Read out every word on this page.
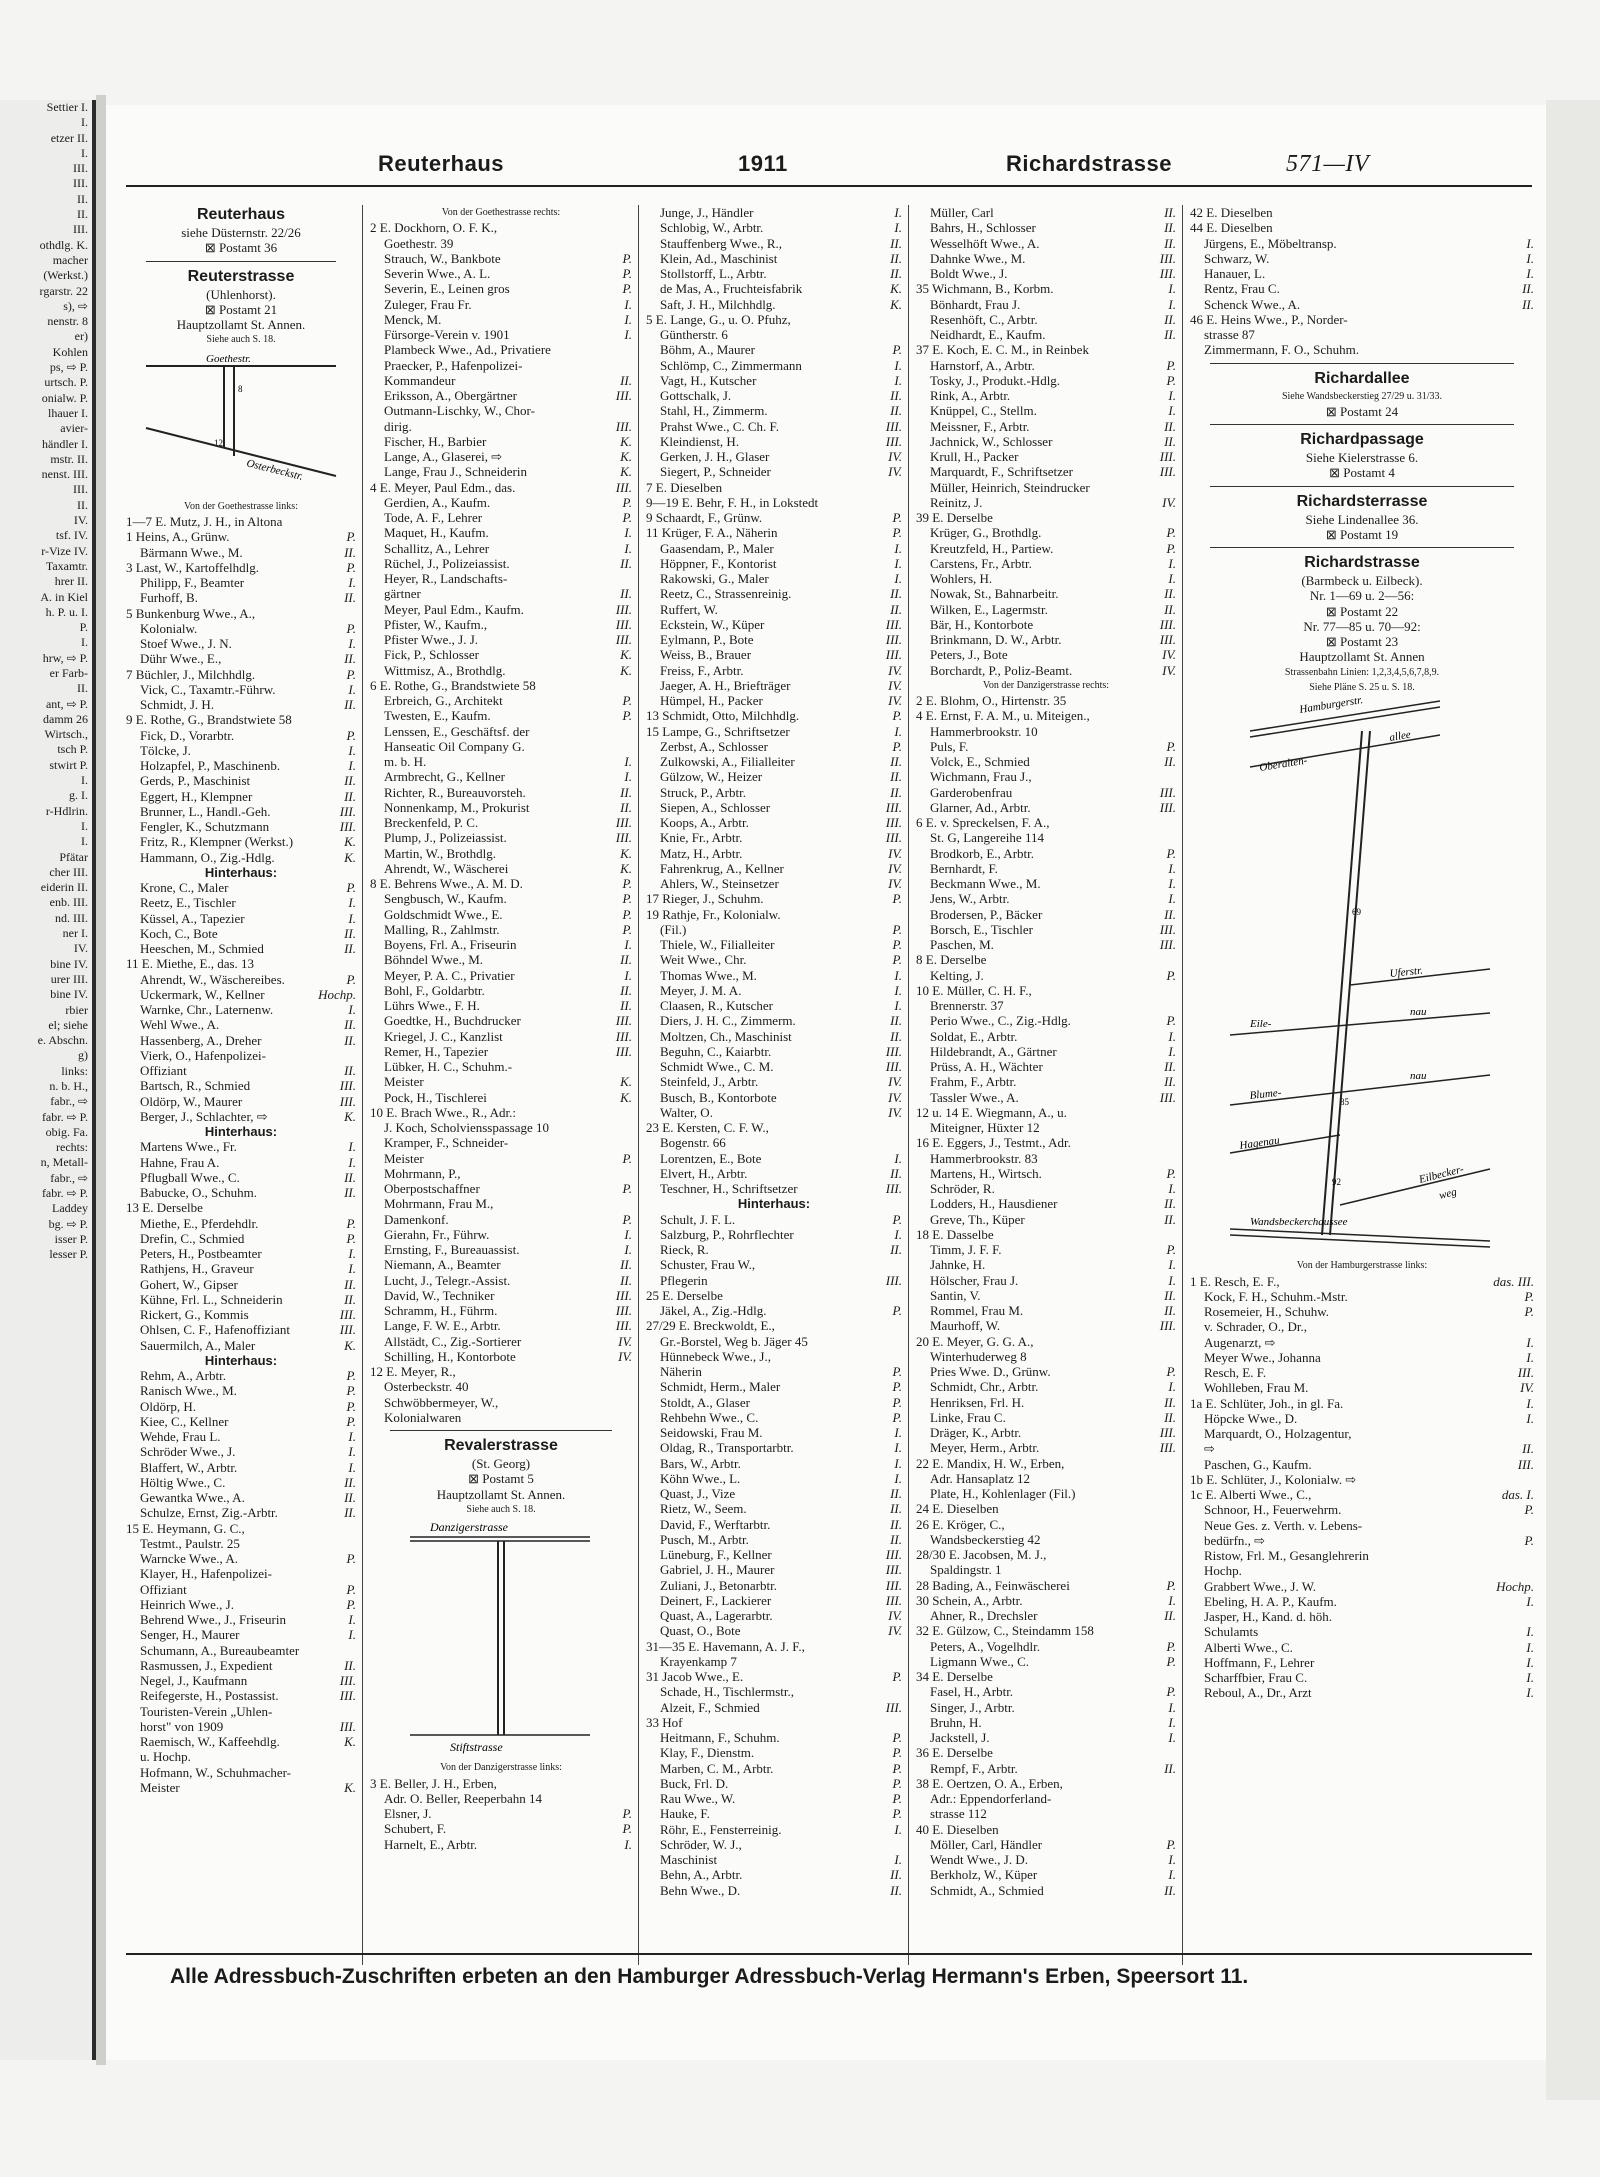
Settier I.
I.
etzer II.
I.
III.
III.
II.
II.
III.
othdlg. K.
macher
(Werkst.)
rgarstr. 22
s), ⇨
nenstr. 8
er)
Kohlen
ps, ⇨ P.
urtsch. P.
onialw. P.
lhauer I.
avier-
händler I.
mstr. II.
nenst. III.
III.
II.
IV.
tsf. IV.
r-Vize IV.
Taxamtr.
hrer II.
A. in Kiel
h. P. u. I.
P.
I.
hrw, ⇨ P.
er Farb-
II.
ant, ⇨ P.
damm 26
Wirtsch.,
tsch P.
stwirt P.
I.
g. I.
r-Hdlrin.
I.
I.
Pfätar
cher III.
eiderin II.
enb. III.
nd. III.
ner I.
IV.
bine IV.
urer III.
bine IV.
rbier
el; siehe
e. Abschn.
g)
links:
n. b. H.,
fabr., ⇨
fabr. ⇨ P.
obig. Fa.
rechts:
n, Metall-
fabr., ⇨
fabr. ⇨ P.
Laddey
bg. ⇨ P.
isser P.
lesser P.
Reuterhaus	1911	Richardstrasse	571—IV
Reuterhaus
siehe Düsternstr. 22/26
⊠ Postamt 36
Reuterstrasse
(Uhlenhorst).
⊠ Postamt 21
Hauptzollamt St. Annen.
Siehe auch S. 18.
Goethestr.
8
12
Osterbeckstr.
Von der Goethestrasse links:
1—7 E. Mutz, J. H., in Altona
1 Heins, A., Grünw.	P.
Bärmann Wwe., M.	II.
3 Last, W., Kartoffelhdlg.	P.
Philipp, F., Beamter	I.
Furhoff, B.	II.
5 Bunkenburg Wwe., A.,
Kolonialw.	P.
Stoef Wwe., J. N.	I.
Dühr Wwe., E.,	II.
7 Büchler, J., Milchhdlg.	P.
Vick, C., Taxamtr.-Führw.	I.
Schmidt, J. H.	II.
9 E. Rothe, G., Brandstwiete 58
Fick, D., Vorarbtr.	P.
Tölcke, J.	I.
Holzapfel, P., Maschinenb.	I.
Gerds, P., Maschinist	II.
Eggert, H., Klempner	II.
Brunner, L., Handl.-Geh.	III.
Fengler, K., Schutzmann	III.
Fritz, R., Klempner (Werkst.)	K.
Hammann, O., Zig.-Hdlg.	K.
Hinterhaus:
Krone, C., Maler	P.
Reetz, E., Tischler	I.
Küssel, A., Tapezier	I.
Koch, C., Bote	II.
Heeschen, M., Schmied	II.
11 E. Miethe, E., das. 13
Ahrendt, W., Wäschereibes.	P.
Uckermark, W., Kellner	Hochp.
Warnke, Chr., Laternenw.	I.
Wehl Wwe., A.	II.
Hassenberg, A., Dreher	II.
Vierk, O., Hafenpolizei-
Offiziant	II.
Bartsch, R., Schmied	III.
Oldörp, W., Maurer	III.
Berger, J., Schlachter, ⇨	K.
Hinterhaus:
Martens Wwe., Fr.	I.
Hahne, Frau A.	I.
Pflugball Wwe., C.	II.
Babucke, O., Schuhm.	II.
13 E. Derselbe
Miethe, E., Pferdehdlr.	P.
Drefin, C., Schmied	P.
Peters, H., Postbeamter	I.
Rathjens, H., Graveur	I.
Gohert, W., Gipser	II.
Kühne, Frl. L., Schneiderin	II.
Rickert, G., Kommis	III.
Ohlsen, C. F., Hafenoffiziant	III.
Sauermilch, A., Maler	K.
Hinterhaus:
Rehm, A., Arbtr.	P.
Ranisch Wwe., M.	P.
Oldörp, H.	P.
Kiee, C., Kellner	P.
Wehde, Frau L.	I.
Schröder Wwe., J.	I.
Blaffert, W., Arbtr.	I.
Höltig Wwe., C.	II.
Gewantka Wwe., A.	II.
Schulze, Ernst, Zig.-Arbtr.	II.
15 E. Heymann, G. C.,
Testmt., Paulstr. 25
Warncke Wwe., A.	P.
Klayer, H., Hafenpolizei-
Offiziant	P.
Heinrich Wwe., J.	P.
Behrend Wwe., J., Friseurin	I.
Senger, H., Maurer	I.
Schumann, A., Bureaubeamter
Rasmussen, J., Expedient	II.
Negel, J., Kaufmann	III.
Reifegerste, H., Postassist.	III.
Touristen-Verein „Uhlen-
horst" von 1909	III.
Raemisch, W., Kaffeehdlg.	K.
u. Hochp.
Hofmann, W., Schuhmacher-
Meister	K.
Von der Goethestrasse rechts:
2 E. Dockhorn, O. F. K.,
Goethestr. 39
Strauch, W., Bankbote	P.
Severin Wwe., A. L.	P.
Severin, E., Leinen gros	P.
Zuleger, Frau Fr.	I.
Menck, M.	I.
Fürsorge-Verein v. 1901	I.
Plambeck Wwe., Ad., Privatiere
Praecker, P., Hafenpolizei-
Kommandeur	II.
Eriksson, A., Obergärtner	III.
Outmann-Lischky, W., Chor-
dirig.	III.
Fischer, H., Barbier	K.
Lange, A., Glaserei, ⇨	K.
Lange, Frau J., Schneiderin	K.
4 E. Meyer, Paul Edm., das.	III.
Gerdien, A., Kaufm.	P.
Tode, A. F., Lehrer	P.
Maquet, H., Kaufm.	I.
Schallitz, A., Lehrer	I.
Rüchel, J., Polizeiassist.	II.
Heyer, R., Landschafts-
gärtner	II.
Meyer, Paul Edm., Kaufm.	III.
Pfister, W., Kaufm.,	III.
Pfister Wwe., J. J.	III.
Fick, P., Schlosser	K.
Wittmisz, A., Brothdlg.	K.
6 E. Rothe, G., Brandstwiete 58
Erbreich, G., Architekt	P.
Twesten, E., Kaufm.	P.
Lenssen, E., Geschäftsf. der
Hanseatic Oil Company G.
m. b. H.	I.
Armbrecht, G., Kellner	I.
Richter, R., Bureauvorsteh.	II.
Nonnenkamp, M., Prokurist	II.
Breckenfeld, P. C.	III.
Plump, J., Polizeiassist.	III.
Martin, W., Brothdlg.	K.
Ahrendt, W., Wäscherei	K.
8 E. Behrens Wwe., A. M. D.	P.
Sengbusch, W., Kaufm.	P.
Goldschmidt Wwe., E.	P.
Malling, R., Zahlmstr.	P.
Boyens, Frl. A., Friseurin	I.
Böhndel Wwe., M.	II.
Meyer, P. A. C., Privatier	I.
Bohl, F., Goldarbtr.	II.
Lührs Wwe., F. H.	II.
Goedtke, H., Buchdrucker	III.
Kriegel, J. C., Kanzlist	III.
Remer, H., Tapezier	III.
Lübker, H. C., Schuhm.-
Meister	K.
Pock, H., Tischlerei	K.
10 E. Brach Wwe., R., Adr.:
J. Koch, Scholviensspassage 10
Kramper, F., Schneider-
Meister	P.
Mohrmann, P.,
Oberpostschaffner	P.
Mohrmann, Frau M.,
Damenkonf.	P.
Gierahn, Fr., Führw.	I.
Ernsting, F., Bureauassist.	I.
Niemann, A., Beamter	II.
Lucht, J., Telegr.-Assist.	II.
David, W., Techniker	III.
Schramm, H., Führm.	III.
Lange, F. W. E., Arbtr.	III.
Allstädt, C., Zig.-Sortierer	IV.
Schilling, H., Kontorbote	IV.
12 E. Meyer, R.,
Osterbeckstr. 40
Schwöbbermeyer, W.,
Kolonialwaren
Revalerstrasse
(St. Georg)
⊠ Postamt 5
Hauptzollamt St. Annen.
Siehe auch S. 18.
Danzigerstrasse
Stiftstrasse
Von der Danzigerstrasse links:
3 E. Beller, J. H., Erben,
Adr. O. Beller, Reeperbahn 14
Elsner, J.	P.
Schubert, F.	P.
Harnelt, E., Arbtr.	I.
Junge, J., Händler	I.
Schlobig, W., Arbtr.	I.
Stauffenberg Wwe., R.,	II.
Klein, Ad., Maschinist	II.
Stollstorff, L., Arbtr.	II.
de Mas, A., Fruchteisfabrik	K.
Saft, J. H., Milchhdlg.	K.
5 E. Lange, G., u. O. Pfuhz,
Güntherstr. 6
Böhm, A., Maurer	P.
Schlömp, C., Zimmermann	I.
Vagt, H., Kutscher	I.
Gottschalk, J.	II.
Stahl, H., Zimmerm.	II.
Prahst Wwe., C. Ch. F.	III.
Kleindienst, H.	III.
Gerken, J. H., Glaser	IV.
Siegert, P., Schneider	IV.
7 E. Dieselben
9—19 E. Behr, F. H., in Lokstedt
9 Schaardt, F., Grünw.	P.
11 Krüger, F. A., Näherin	P.
Gaasendam, P., Maler	I.
Höppner, F., Kontorist	I.
Rakowski, G., Maler	I.
Reetz, C., Strassenreinig.	II.
Ruffert, W.	II.
Eckstein, W., Küper	III.
Eylmann, P., Bote	III.
Weiss, B., Brauer	III.
Freiss, F., Arbtr.	IV.
Jaeger, A. H., Briefträger	IV.
Hümpel, H., Packer	IV.
13 Schmidt, Otto, Milchhdlg.	P.
15 Lampe, G., Schriftsetzer	I.
Zerbst, A., Schlosser	P.
Zulkowski, A., Filialleiter	II.
Gülzow, W., Heizer	II.
Struck, P., Arbtr.	II.
Siepen, A., Schlosser	III.
Koops, A., Arbtr.	III.
Knie, Fr., Arbtr.	III.
Matz, H., Arbtr.	IV.
Fahrenkrug, A., Kellner	IV.
Ahlers, W., Steinsetzer	IV.
17 Rieger, J., Schuhm.	P.
19 Rathje, Fr., Kolonialw.
(Fil.)	P.
Thiele, W., Filialleiter	P.
Weit Wwe., Chr.	P.
Thomas Wwe., M.	I.
Meyer, J. M. A.	I.
Claasen, R., Kutscher	I.
Diers, J. H. C., Zimmerm.	II.
Moltzen, Ch., Maschinist	II.
Beguhn, C., Kaiarbtr.	III.
Schmidt Wwe., C. M.	III.
Steinfeld, J., Arbtr.	IV.
Busch, B., Kontorbote	IV.
Walter, O.	IV.
23 E. Kersten, C. F. W.,
Bogenstr. 66
Lorentzen, E., Bote	I.
Elvert, H., Arbtr.	II.
Teschner, H., Schriftsetzer	III.
Hinterhaus:
Schult, J. F. L.	P.
Salzburg, P., Rohrflechter	I.
Rieck, R.	II.
Schuster, Frau W.,
Pflegerin	III.
25 E. Derselbe
Jäkel, A., Zig.-Hdlg.	P.
27/29 E. Breckwoldt, E.,
Gr.-Borstel, Weg b. Jäger 45
Hünnebeck Wwe., J.,
Näherin	P.
Schmidt, Herm., Maler	P.
Stoldt, A., Glaser	P.
Rehbehn Wwe., C.	P.
Seidowski, Frau M.	I.
Oldag, R., Transportarbtr.	I.
Bars, W., Arbtr.	I.
Köhn Wwe., L.	I.
Quast, J., Vize	II.
Rietz, W., Seem.	II.
David, F., Werftarbtr.	II.
Pusch, M., Arbtr.	II.
Lüneburg, F., Kellner	III.
Gabriel, J. H., Maurer	III.
Zuliani, J., Betonarbtr.	III.
Deinert, F., Lackierer	III.
Quast, A., Lagerarbtr.	IV.
Quast, O., Bote	IV.
31—35 E. Havemann, A. J. F.,
Krayenkamp 7
31 Jacob Wwe., E.	P.
Schade, H., Tischlermstr.,
Alzeit, F., Schmied	III.
33 Hof
Heitmann, F., Schuhm.	P.
Klay, F., Dienstm.	P.
Marben, C. M., Arbtr.	P.
Buck, Frl. D.	P.
Rau Wwe., W.	P.
Hauke, F.	P.
Röhr, E., Fensterreinig.	I.
Schröder, W. J.,
Maschinist	I.
Behn, A., Arbtr.	II.
Behn Wwe., D.	II.
Müller, Carl	II.
Bahrs, H., Schlosser	II.
Wesselhöft Wwe., A.	II.
Dahnke Wwe., M.	III.
Boldt Wwe., J.	III.
35 Wichmann, B., Korbm.	I.
Bönhardt, Frau J.	I.
Resenhöft, C., Arbtr.	II.
Neidhardt, E., Kaufm.	II.
37 E. Koch, E. C. M., in Reinbek
Harnstorf, A., Arbtr.	P.
Tosky, J., Produkt.-Hdlg.	P.
Rink, A., Arbtr.	I.
Knüppel, C., Stellm.	I.
Meissner, F., Arbtr.	II.
Jachnick, W., Schlosser	II.
Krull, H., Packer	III.
Marquardt, F., Schriftsetzer	III.
Müller, Heinrich, Steindrucker
Reinitz, J.	IV.
39 E. Derselbe
Krüger, G., Brothdlg.	P.
Kreutzfeld, H., Partiew.	P.
Carstens, Fr., Arbtr.	I.
Wohlers, H.	I.
Nowak, St., Bahnarbeitr.	II.
Wilken, E., Lagermstr.	II.
Bär, H., Kontorbote	III.
Brinkmann, D. W., Arbtr.	III.
Peters, J., Bote	IV.
Borchardt, P., Poliz-Beamt.	IV.
Von der Danzigerstrasse rechts:
2 E. Blohm, O., Hirtenstr. 35
4 E. Ernst, F. A. M., u. Miteigen.,
Hammerbrookstr. 10
Puls, F.	P.
Volck, E., Schmied	II.
Wichmann, Frau J.,
Garderobenfrau	III.
Glarner, Ad., Arbtr.	III.
6 E. v. Spreckelsen, F. A.,
St. G, Langereihe 114
Brodkorb, E., Arbtr.	P.
Bernhardt, F.	I.
Beckmann Wwe., M.	I.
Jens, W., Arbtr.	I.
Brodersen, P., Bäcker	II.
Borsch, E., Tischler	III.
Paschen, M.	III.
8 E. Derselbe
Kelting, J.	P.
10 E. Müller, C. H. F.,
Brennerstr. 37
Perio Wwe., C., Zig.-Hdlg.	P.
Soldat, E., Arbtr.	I.
Hildebrandt, A., Gärtner	I.
Prüss, A. H., Wächter	II.
Frahm, F., Arbtr.	II.
Tassler Wwe., A.	III.
12 u. 14 E. Wiegmann, A., u.
Miteigner, Hüxter 12
16 E. Eggers, J., Testmt., Adr.
Hammerbrookstr. 83
Martens, H., Wirtsch.	P.
Schröder, R.	I.
Lodders, H., Hausdiener	II.
Greve, Th., Küper	II.
18 E. Dasselbe
Timm, J. F. F.	P.
Jahnke, H.	I.
Hölscher, Frau J.	I.
Santin, V.	II.
Rommel, Frau M.	II.
Maurhoff, W.	III.
20 E. Meyer, G. G. A.,
Winterhuderweg 8
Pries Wwe. D., Grünw.	P.
Schmidt, Chr., Arbtr.	I.
Henriksen, Frl. H.	II.
Linke, Frau C.	II.
Dräger, K., Arbtr.	III.
Meyer, Herm., Arbtr.	III.
22 E. Mandix, H. W., Erben,
Adr. Hansaplatz 12
Plate, H., Kohlenlager (Fil.)
24 E. Dieselben
26 E. Kröger, C.,
Wandsbeckerstieg 42
28/30 E. Jacobsen, M. J.,
Spaldingstr. 1
28 Bading, A., Feinwäscherei	P.
30 Schein, A., Arbtr.	I.
Ahner, R., Drechsler	II.
32 E. Gülzow, C., Steindamm 158
Peters, A., Vogelhdlr.	P.
Ligmann Wwe., C.	P.
34 E. Derselbe
Fasel, H., Arbtr.	P.
Singer, J., Arbtr.	I.
Bruhn, H.	I.
Jackstell, J.	I.
36 E. Derselbe
Rempf, F., Arbtr.	II.
38 E. Oertzen, O. A., Erben,
Adr.: Eppendorferland-
strasse 112
40 E. Dieselben
Möller, Carl, Händler	P.
Wendt Wwe., J. D.	I.
Berkholz, W., Küper	I.
Schmidt, A., Schmied	II.
42 E. Dieselben
44 E. Dieselben
Jürgens, E., Möbeltransp.	I.
Schwarz, W.	I.
Hanauer, L.	I.
Rentz, Frau C.	II.
Schenck Wwe., A.	II.
46 E. Heins Wwe., P., Norder-
strasse 87
Zimmermann, F. O., Schuhm.
Richardallee
Siehe Wandsbeckerstieg 27/29 u. 31/33.
⊠ Postamt 24
Richardpassage
Siehe Kielerstrasse 6.
⊠ Postamt 4
Richardsterrasse
Siehe Lindenallee 36.
⊠ Postamt 19
Richardstrasse
(Barmbeck u. Eilbeck).
Nr. 1—69 u. 2—56:
⊠ Postamt 22
Nr. 77—85 u. 70—92:
⊠ Postamt 23
Hauptzollamt St. Annen
Strassenbahn Linien: 1,2,3,4,5,6,7,8,9.
Siehe Pläne S. 25 u. S. 18.
Hamburgerstr.
Oberalten-
allee
69
85
92
Uferstr.
Eile-
nau
Blume-
nau
Hagenau
Eilbecker-
weg
Wandsbeckerchaussee
Von der Hamburgerstrasse links:
1 E. Resch, E. F.,	das. III.
Kock, F. H., Schuhm.-Mstr.	P.
Rosemeier, H., Schuhw.	P.
v. Schrader, O., Dr.,
Augenarzt, ⇨	I.
Meyer Wwe., Johanna	I.
Resch, E. F.	III.
Wohlleben, Frau M.	IV.
1a E. Schlüter, Joh., in gl. Fa.	I.
Höpcke Wwe., D.	I.
Marquardt, O., Holzagentur,
⇨	II.
Paschen, G., Kaufm.	III.
1b E. Schlüter, J., Kolonialw. ⇨
1c E. Alberti Wwe., C.,	das. I.
Schnoor, H., Feuerwehrm.	P.
Neue Ges. z. Verth. v. Lebens-
bedürfn., ⇨	P.
Ristow, Frl. M., Gesanglehrerin
Hochp.
Grabbert Wwe., J. W.	Hochp.
Ebeling, H. A. P., Kaufm.	I.
Jasper, H., Kand. d. höh.
Schulamts	I.
Alberti Wwe., C.	I.
Hoffmann, F., Lehrer	I.
Scharffbier, Frau C.	I.
Reboul, A., Dr., Arzt	I.
Alle Adressbuch-Zuschriften erbeten an den Hamburger Adressbuch-Verlag Hermann's Erben, Speersort 11.
